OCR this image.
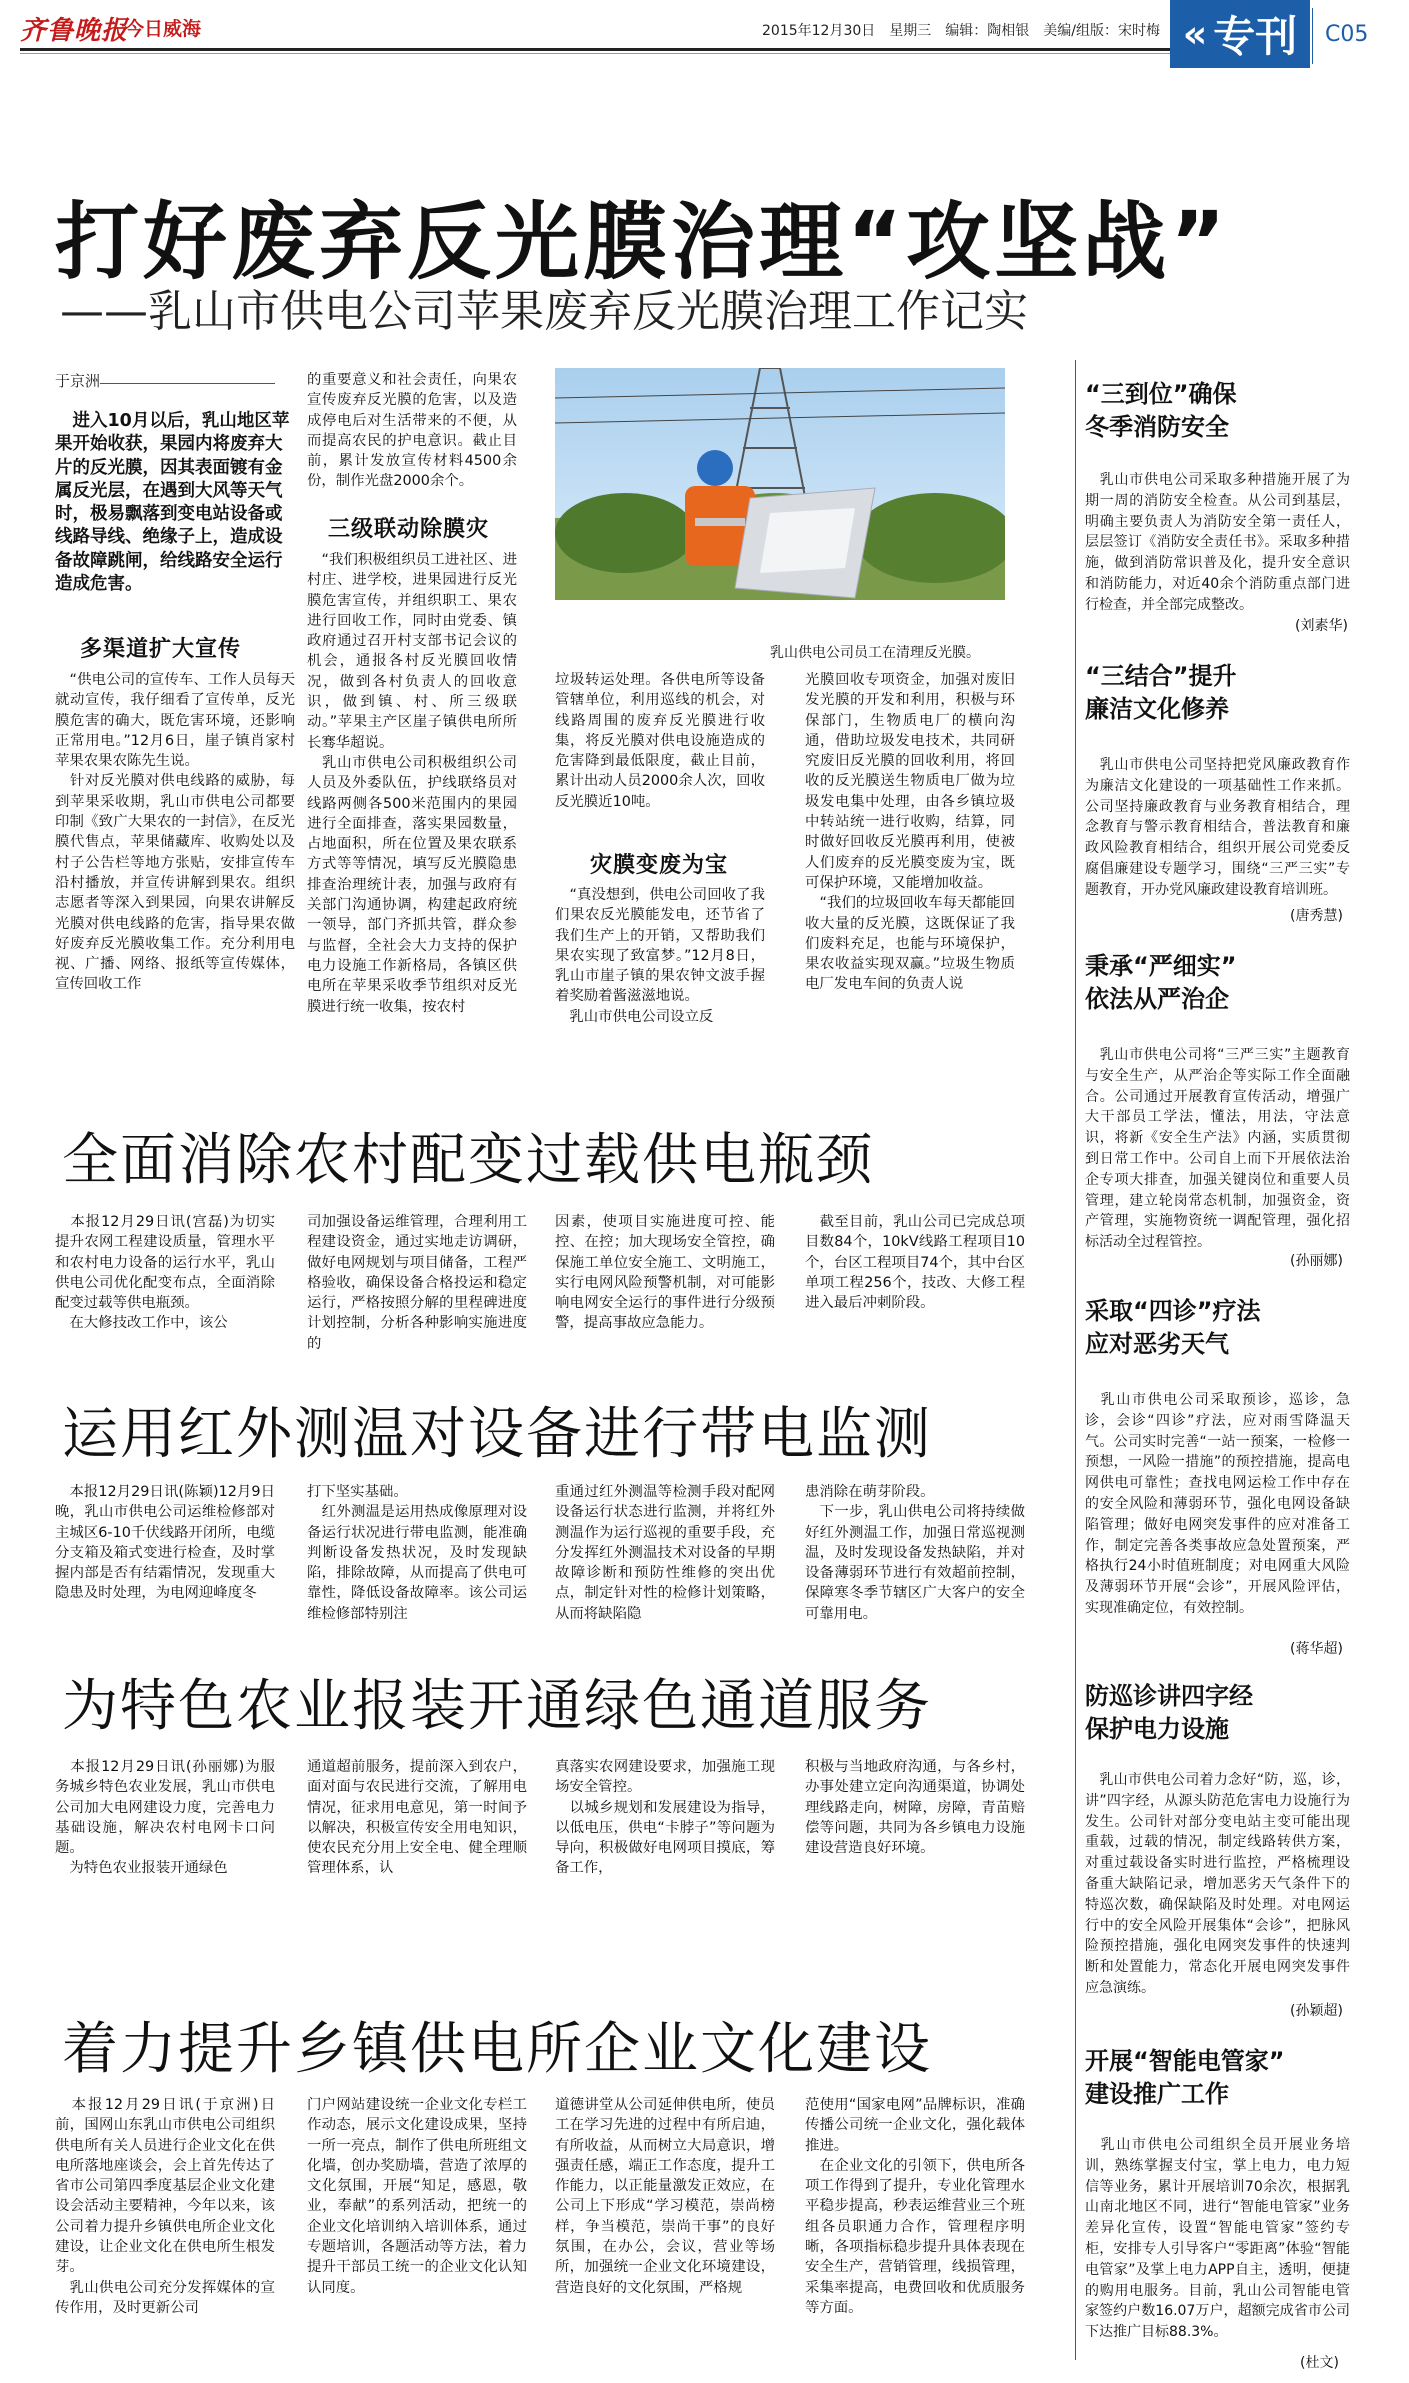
齐鲁晚报
今日威海	2015年12月30日　星期三　编辑：陶相银　美编/组版：宋时梅 « 专刊 C05
打好废弃反光膜治理“攻坚战”
——乳山市供电公司苹果废弃反光膜治理工作记实
于京洲
　进入10月以后，乳山地区苹果开始收获，果园内将废弃大片的反光膜，因其表面镀有金属反光层，在遇到大风等天气时，极易飘落到变电站设备或线路导线、绝缘子上，造成设备故障跳闸，给线路安全运行造成危害。
多渠道扩大宣传
　“供电公司的宣传车、工作人员每天就动宣传，我仔细看了宣传单，反光膜危害的确大，既危害环境，还影响正常用电。”12月6日，崖子镇肖家村苹果农果农陈先生说。
　针对反光膜对供电线路的威胁，每到苹果采收期，乳山市供电公司都要印制《致广大果农的一封信》，在反光膜代售点，苹果储藏库、收购处以及村子公告栏等地方张贴，安排宣传车沿村播放，并宣传讲解到果农。组织志愿者等深入到果园，向果农讲解反光膜对供电线路的危害，指导果农做好废弃反光膜收集工作。充分利用电视、广播、网络、报纸等宣传媒体，宣传回收工作
的重要意义和社会责任，向果农宣传废弃反光膜的危害，以及造成停电后对生活带来的不便，从而提高农民的护电意识。截止目前，累计发放宣传材料4500余份，制作光盘2000余个。
三级联动除膜灾
　“我们积极组织员工进社区、进村庄、进学校，进果园进行反光膜危害宣传，并组织职工、果农进行回收工作，同时由党委、镇政府通过召开村支部书记会议的机会，通报各村反光膜回收情况，做到各村负责人的回收意识，做到镇、村、所三级联动。”苹果主产区崖子镇供电所所长骞华超说。
　乳山市供电公司积极组织公司人员及外委队伍，护线联络员对线路两侧各500米范围内的果园进行全面排查，落实果园数量，占地面积，所在位置及果农联系方式等等情况，填写反光膜隐患排查治理统计表，加强与政府有关部门沟通协调，构建起政府统一领导，部门齐抓共管，群众参与监督，全社会大力支持的保护电力设施工作新格局，各镇区供电所在苹果采收季节组织对反光膜进行统一收集，按农村
乳山供电公司员工在清理反光膜。
垃圾转运处理。各供电所等设备管辖单位，利用巡线的机会，对线路周围的废弃反光膜进行收集，将反光膜对供电设施造成的危害降到最低限度，截止目前，累计出动人员2000余人次，回收反光膜近10吨。
灾膜变废为宝
　“真没想到，供电公司回收了我们果农反光膜能发电，还节省了我们生产上的开销，又帮助我们果农实现了致富梦。”12月8日，乳山市崖子镇的果农钟文波手握着奖励着酱滋滋地说。
　乳山市供电公司设立反
光膜回收专项资金，加强对废旧发光膜的开发和利用，积极与环保部门，生物质电厂的横向沟通，借助垃圾发电技术，共同研究废旧反光膜的回收利用，将回收的反光膜送生物质电厂做为垃圾发电集中处理，由各乡镇垃圾中转站统一进行收购，结算，同时做好回收反光膜再利用，使被人们废弃的反光膜变废为宝，既可保护环境，又能增加收益。
　“我们的垃圾回收车每天都能回收大量的反光膜，这既保证了我们废料充足，也能与环境保护，果农收益实现双赢。”垃圾生物质电厂发电车间的负责人说
全面消除农村配变过载供电瓶颈
　本报12月29日讯(宫磊)为切实提升农网工程建设质量，管理水平和农村电力设备的运行水平，乳山供电公司优化配变布点，全面消除配变过载等供电瓶颈。
　在大修技改工作中，该公
司加强设备运维管理，合理利用工程建设资金，通过实地走访调研，做好电网规划与项目储备，工程严格验收，确保设备合格投运和稳定运行，严格按照分解的里程碑进度计划控制，分析各种影响实施进度的
因素，使项目实施进度可控、能控、在控；加大现场安全管控，确保施工单位安全施工、文明施工，实行电网风险预警机制，对可能影响电网安全运行的事件进行分级预警，提高事故应急能力。
　截至目前，乳山公司已完成总项目数84个，10kV线路工程项目10个，台区工程项目74个，其中台区单项工程256个，技改、大修工程进入最后冲刺阶段。
运用红外测温对设备进行带电监测
　本报12月29日讯(陈颖)12月9日晚，乳山市供电公司运维检修部对主城区6-10千伏线路开闭所，电缆分支箱及箱式变进行检查，及时掌握内部是否有结霜情况，发现重大隐患及时处理，为电网迎峰度冬
打下坚实基础。
　红外测温是运用热成像原理对设备运行状况进行带电监测，能准确判断设备发热状况，及时发现缺陷，排除故障，从而提高了供电可靠性，降低设备故障率。该公司运维检修部特别注
重通过红外测温等检测手段对配网设备运行状态进行监测，并将红外测温作为运行巡视的重要手段，充分发挥红外测温技术对设备的早期故障诊断和预防性维修的突出优点，制定针对性的检修计划策略，从而将缺陷隐
患消除在萌芽阶段。
　下一步，乳山供电公司将持续做好红外测温工作，加强日常巡视测温，及时发现设备发热缺陷，并对设备薄弱环节进行有效超前控制，保障寒冬季节辖区广大客户的安全可靠用电。
为特色农业报装开通绿色通道服务
　本报12月29日讯(孙丽娜)为服务城乡特色农业发展，乳山市供电公司加大电网建设力度，完善电力基础设施，解决农村电网卡口问题。
　为特色农业报装开通绿色
通道超前服务，提前深入到农户，面对面与农民进行交流，了解用电情况，征求用电意见，第一时间予以解决，积极宣传安全用电知识，使农民充分用上安全电、健全理顺管理体系，认
真落实农网建设要求，加强施工现场安全管控。
　以城乡规划和发展建设为指导，以低电压，供电“卡脖子”等问题为导向，积极做好电网项目摸底，筹备工作，
积极与当地政府沟通，与各乡村，办事处建立定向沟通渠道，协调处理线路走向，树障，房障，青苗赔偿等问题，共同为各乡镇电力设施建设营造良好环境。
着力提升乡镇供电所企业文化建设
　本报12月29日讯(于京洲)日前，国网山东乳山市供电公司组织供电所有关人员进行企业文化在供电所落地座谈会，会上首先传达了省市公司第四季度基层企业文化建设会活动主要精神，今年以来，该公司着力提升乡镇供电所企业文化建设，让企业文化在供电所生根发芽。
　乳山供电公司充分发挥媒体的宣传作用，及时更新公司
门户网站建设统一企业文化专栏工作动态，展示文化建设成果，坚持一所一亮点，制作了供电所班组文化墙，创办奖励墙，营造了浓厚的文化氛围，开展“知足，感恩，敬业，奉献”的系列活动，把统一的企业文化培训纳入培训体系，通过专题培训，各题活动等方法，着力提升干部员工统一的企业文化认知认同度。
道德讲堂从公司延伸供电所，使员工在学习先进的过程中有所启迪，有所收益，从而树立大局意识，增强责任感，端正工作态度，提升工作能力，以正能量激发正效应，在公司上下形成“学习模范，崇尚榜样，争当模范，崇尚干事”的良好氛围，在办公，会议，营业等场所，加强统一企业文化环境建设，营造良好的文化氛围，严格规
范使用“国家电网”品牌标识，准确传播公司统一企业文化，强化载体推进。
　在企业文化的引领下，供电所各项工作得到了提升，专业化管理水平稳步提高，秒表运维营业三个班组各员职通力合作，管理程序明晰，各项指标稳步提升具体表现在安全生产，营销管理，线损管理，采集率提高，电费回收和优质服务等方面。
“三到位”确保
冬季消防安全
　乳山市供电公司采取多种措施开展了为期一周的消防安全检查。从公司到基层，明确主要负责人为消防安全第一责任人，层层签订《消防安全责任书》。采取多种措施，做到消防常识普及化，提升安全意识和消防能力，对近40余个消防重点部门进行检查，并全部完成整改。
(刘素华)
“三结合”提升
廉洁文化修养
　乳山市供电公司坚持把党风廉政教育作为廉洁文化建设的一项基础性工作来抓。公司坚持廉政教育与业务教育相结合，理念教育与警示教育相结合，普法教育和廉政风险教育相结合，组织开展公司党委反腐倡廉建设专题学习，围绕“三严三实”专题教育，开办党风廉政建设教育培训班。
(唐秀慧)
秉承“严细实”
依法从严治企
　乳山市供电公司将“三严三实”主题教育与安全生产，从严治企等实际工作全面融合。公司通过开展教育宣传活动，增强广大干部员工学法，懂法，用法，守法意识，将新《安全生产法》内涵，实质贯彻到日常工作中。公司自上而下开展依法治企专项大排查，加强关键岗位和重要人员管理，建立轮岗常态机制，加强资金，资产管理，实施物资统一调配管理，强化招标活动全过程管控。
(孙丽娜)
采取“四诊”疗法
应对恶劣天气
　乳山市供电公司采取预诊，巡诊，急诊，会诊“四诊”疗法，应对雨雪降温天气。公司实时完善“一站一预案，一检修一预想，一风险一措施”的预控措施，提高电网供电可靠性；查找电网运检工作中存在的安全风险和薄弱环节，强化电网设备缺陷管理；做好电网突发事件的应对准备工作，制定完善各类事故应急处置预案，严格执行24小时值班制度；对电网重大风险及薄弱环节开展“会诊”，开展风险评估，实现准确定位，有效控制。
(蒋华超)
防巡诊讲四字经
保护电力设施
　乳山市供电公司着力念好“防，巡，诊，讲”四字经，从源头防范危害电力设施行为发生。公司针对部分变电站主变可能出现重载，过载的情况，制定线路转供方案，对重过载设备实时进行监控，严格梳理设备重大缺陷记录，增加恶劣天气条件下的特巡次数，确保缺陷及时处理。对电网运行中的安全风险开展集体“会诊”，把脉风险预控措施，强化电网突发事件的快速判断和处置能力，常态化开展电网突发事件应急演练。
(孙颖超)
开展“智能电管家”
建设推广工作
　乳山市供电公司组织全员开展业务培训，熟练掌握支付宝，掌上电力，电力短信等业务，累计开展培训70余次，根据乳山南北地区不同，进行“智能电管家”业务差异化宣传，设置“智能电管家”签约专柜，安排专人引导客户“零距离”体验“智能电管家”及掌上电力APP自主，透明，便捷的购用电服务。目前，乳山公司智能电管家签约户数16.07万户，超额完成省市公司下达推广目标88.3%。
(杜文)
